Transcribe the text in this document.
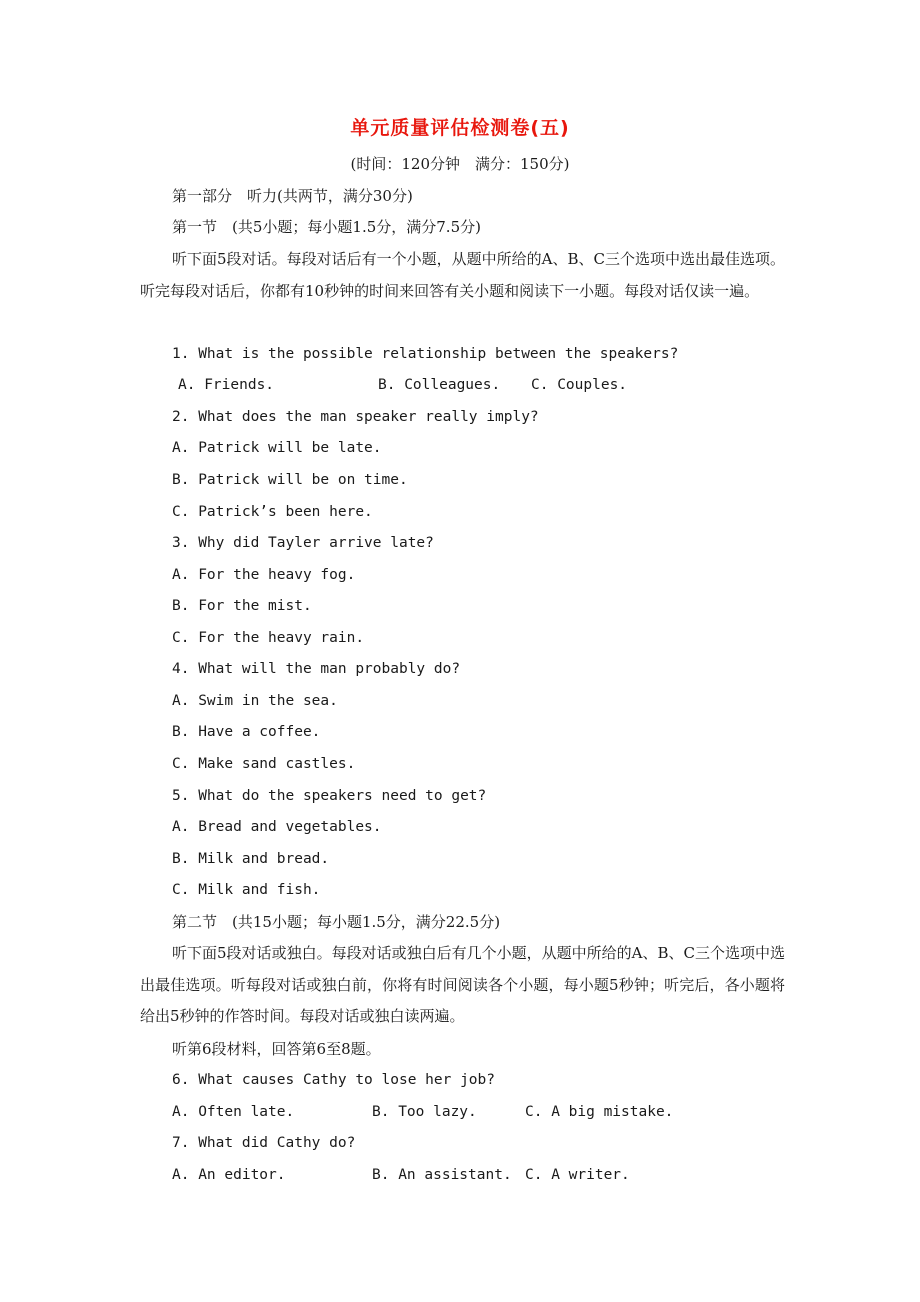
单元质量评估检测卷(五)
(时间：120分钟　满分：150分)
第一部分　听力(共两节，满分30分)
第一节　(共5小题；每小题1.5分，满分7.5分)
听下面5段对话。每段对话后有一个小题，从题中所给的A、B、C三个选项中选出最佳选项。听完每段对话后，你都有10秒钟的时间来回答有关小题和阅读下一小题。每段对话仅读一遍。
1. What is the possible relationship between the speakers?
A. Friends.	B. Colleagues.	C. Couples.
2. What does the man speaker really imply?
A. Patrick will be late.
B. Patrick will be on time.
C. Patrick’s been here.
3. Why did Tayler arrive late?
A. For the heavy fog.
B. For the mist.
C. For the heavy rain.
4. What will the man probably do?
A. Swim in the sea.
B. Have a coffee.
C. Make sand castles.
5. What do the speakers need to get?
A. Bread and vegetables.
B. Milk and bread.
C. Milk and fish.
第二节　(共15小题；每小题1.5分，满分22.5分)
听下面5段对话或独白。每段对话或独白后有几个小题，从题中所给的A、B、C三个选项中选出最佳选项。听每段对话或独白前，你将有时间阅读各个小题，每小题5秒钟；听完后，各小题将给出5秒钟的作答时间。每段对话或独白读两遍。
听第6段材料，回答第6至8题。
6. What causes Cathy to lose her job?
A. Often late.	B. Too lazy.	C. A big mistake.
7. What did Cathy do?
A. An editor.	B. An assistant. C. A writer.
